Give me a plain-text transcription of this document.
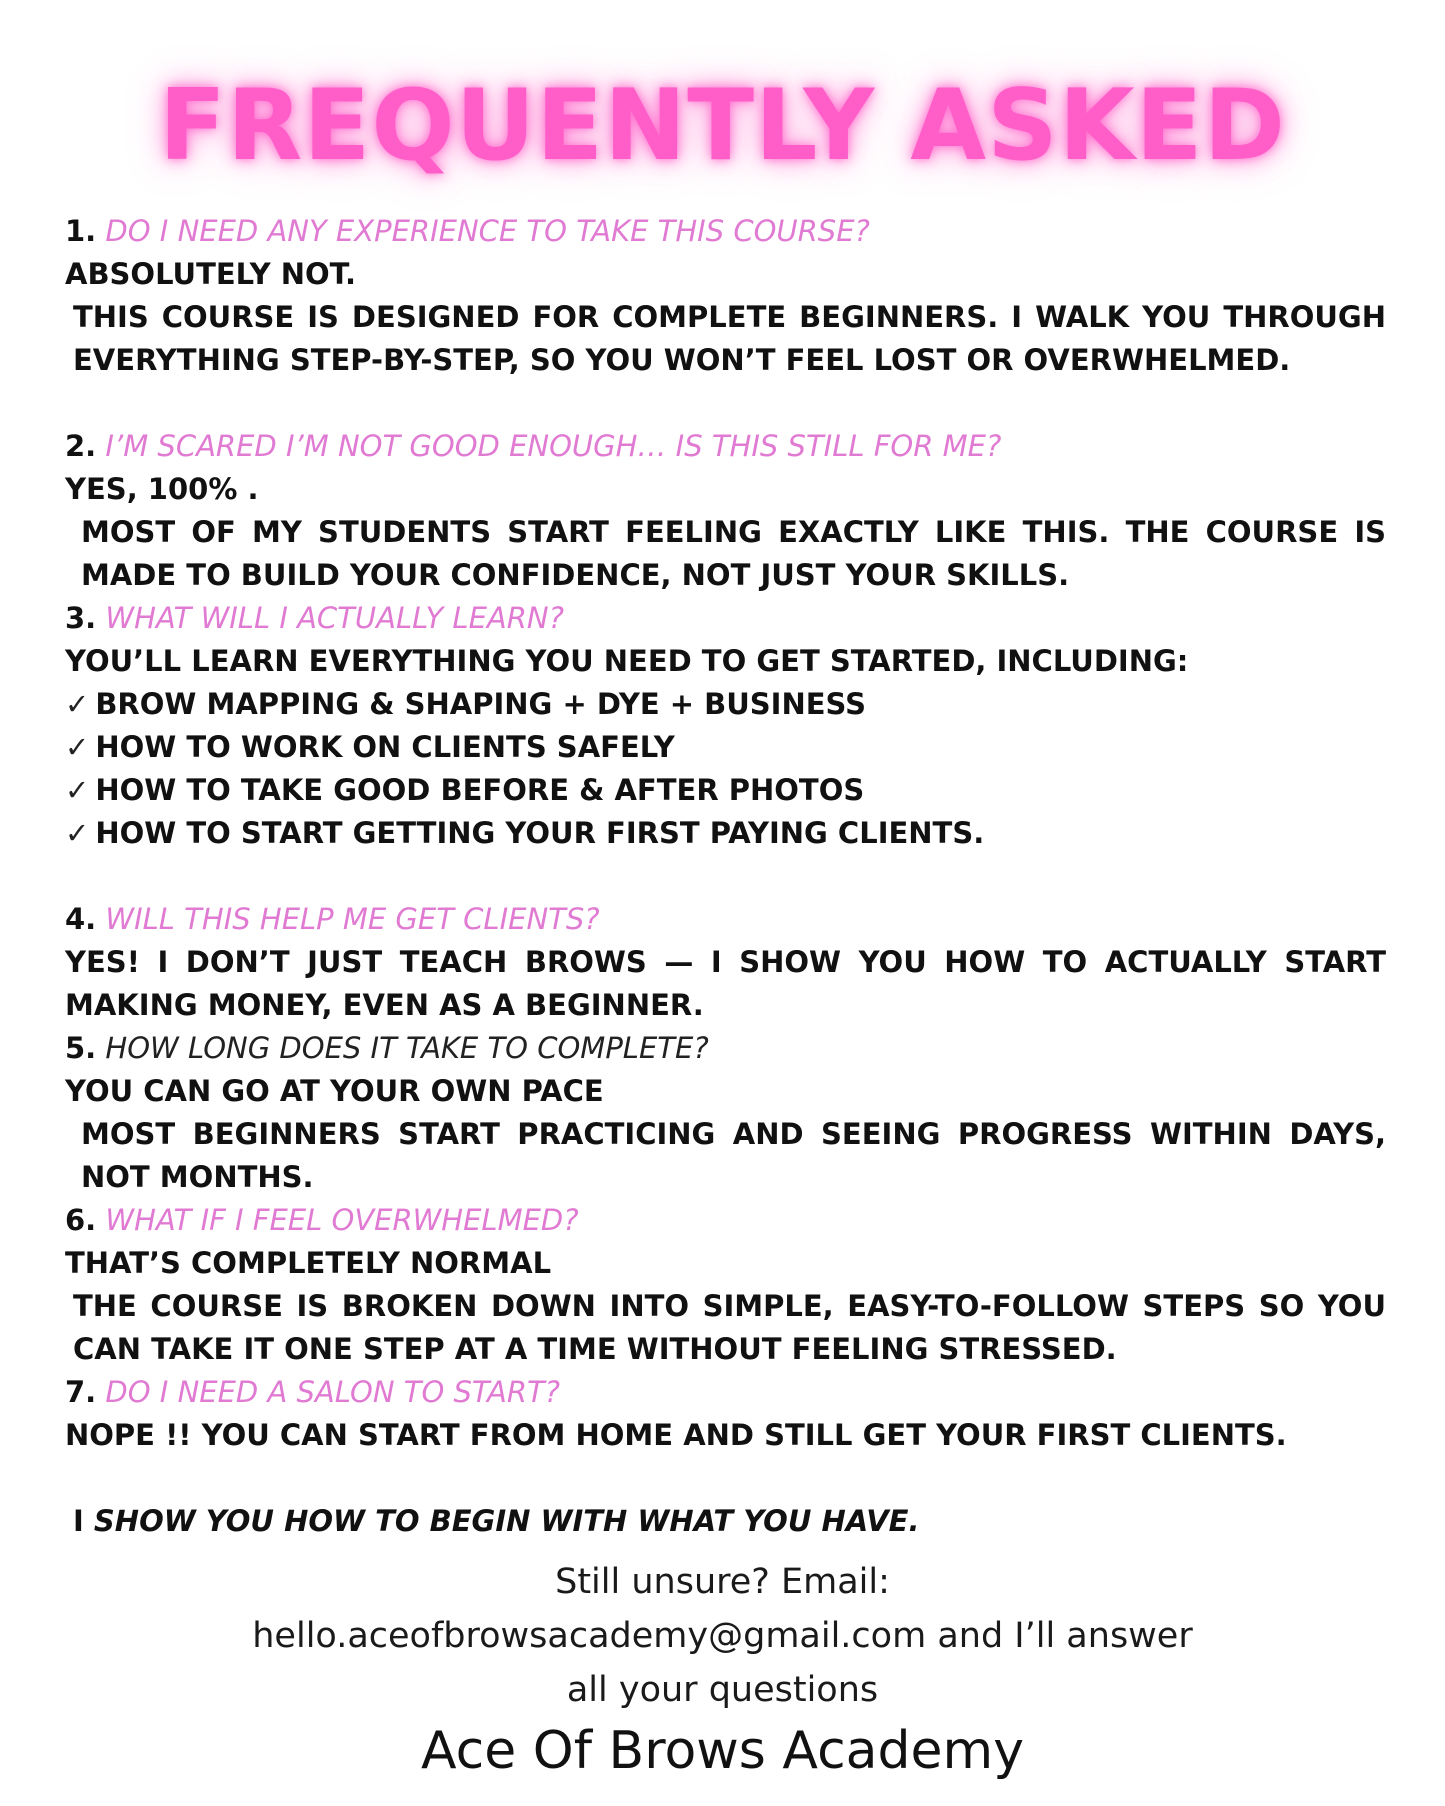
FREQUENTLY ASKED
1. DO I NEED ANY EXPERIENCE TO TAKE THIS COURSE?
ABSOLUTELY NOT.
THIS COURSE IS DESIGNED FOR COMPLETE BEGINNERS. I WALK YOU THROUGH EVERYTHING STEP-BY-STEP, SO YOU WON’T FEEL LOST OR OVERWHELMED.
2. I’M SCARED I’M NOT GOOD ENOUGH… IS THIS STILL FOR ME?
YES, 100% .
MOST OF MY STUDENTS START FEELING EXACTLY LIKE THIS. THE COURSE IS MADE TO BUILD YOUR CONFIDENCE, NOT JUST YOUR SKILLS.
3. WHAT WILL I ACTUALLY LEARN?
YOU’LL LEARN EVERYTHING YOU NEED TO GET STARTED, INCLUDING:
✓ BROW MAPPING & SHAPING + DYE + BUSINESS
✓ HOW TO WORK ON CLIENTS SAFELY
✓ HOW TO TAKE GOOD BEFORE & AFTER PHOTOS
✓ HOW TO START GETTING YOUR FIRST PAYING CLIENTS.
4. WILL THIS HELP ME GET CLIENTS?
YES! I DON’T JUST TEACH BROWS — I SHOW YOU HOW TO ACTUALLY START MAKING MONEY, EVEN AS A BEGINNER.
5. HOW LONG DOES IT TAKE TO COMPLETE?
YOU CAN GO AT YOUR OWN PACE
MOST BEGINNERS START PRACTICING AND SEEING PROGRESS WITHIN DAYS, NOT MONTHS.
6. WHAT IF I FEEL OVERWHELMED?
THAT’S COMPLETELY NORMAL
THE COURSE IS BROKEN DOWN INTO SIMPLE, EASY-TO-FOLLOW STEPS SO YOU CAN TAKE IT ONE STEP AT A TIME WITHOUT FEELING STRESSED.
7. DO I NEED A SALON TO START?
NOPE !! YOU CAN START FROM HOME AND STILL GET YOUR FIRST CLIENTS.
I SHOW YOU HOW TO BEGIN WITH WHAT YOU HAVE.
Still unsure? Email:
hello.aceofbrowsacademy@gmail.com and I’ll answer
all your questions
Ace Of Brows Academy
